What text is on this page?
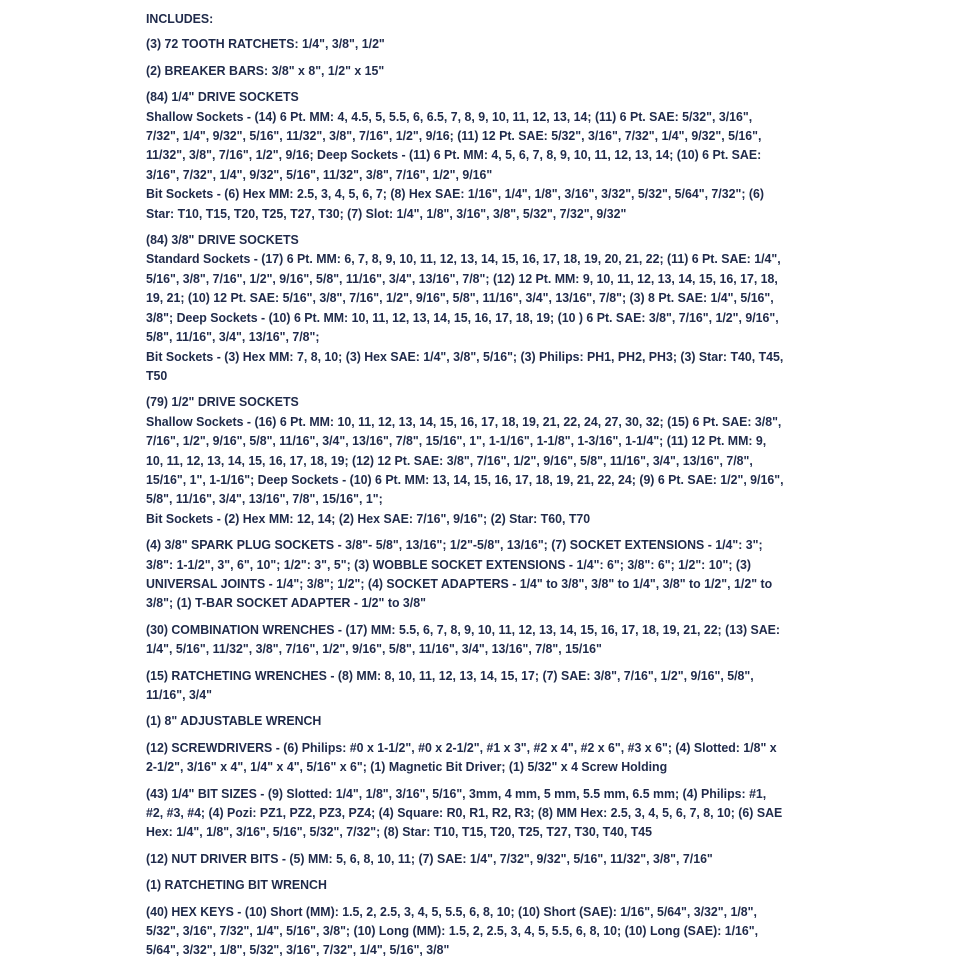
INCLUDES:
(3) 72 TOOTH RATCHETS: 1/4", 3/8", 1/2"
(2) BREAKER BARS: 3/8" x 8", 1/2" x 15"
(84) 1/4" DRIVE SOCKETS
Shallow Sockets - (14) 6 Pt. MM: 4, 4.5, 5, 5.5, 6, 6.5, 7, 8, 9, 10, 11, 12, 13, 14; (11) 6 Pt. SAE: 5/32", 3/16", 7/32", 1/4", 9/32", 5/16", 11/32", 3/8", 7/16", 1/2", 9/16; (11) 12 Pt. SAE: 5/32", 3/16", 7/32", 1/4", 9/32", 5/16", 11/32", 3/8", 7/16", 1/2", 9/16; Deep Sockets - (11) 6 Pt. MM: 4, 5, 6, 7, 8, 9, 10, 11, 12, 13, 14; (10) 6 Pt. SAE: 3/16", 7/32", 1/4", 9/32", 5/16", 11/32", 3/8", 7/16", 1/2", 9/16"
Bit Sockets - (6) Hex MM: 2.5, 3, 4, 5, 6, 7; (8) Hex SAE: 1/16", 1/4", 1/8", 3/16", 3/32", 5/32", 5/64", 7/32"; (6) Star: T10, T15, T20, T25, T27, T30; (7) Slot: 1/4", 1/8", 3/16", 3/8", 5/32", 7/32", 9/32"
(84) 3/8" DRIVE SOCKETS
Standard Sockets - (17) 6 Pt. MM: 6, 7, 8, 9, 10, 11, 12, 13, 14, 15, 16, 17, 18, 19, 20, 21, 22; (11) 6 Pt. SAE: 1/4", 5/16", 3/8", 7/16", 1/2", 9/16", 5/8", 11/16", 3/4", 13/16", 7/8"; (12) 12 Pt. MM: 9, 10, 11, 12, 13, 14, 15, 16, 17, 18, 19, 21; (10) 12 Pt. SAE: 5/16", 3/8", 7/16", 1/2", 9/16", 5/8", 11/16", 3/4", 13/16", 7/8"; (3) 8 Pt. SAE: 1/4", 5/16", 3/8"; Deep Sockets - (10) 6 Pt. MM: 10, 11, 12, 13, 14, 15, 16, 17, 18, 19; (10 ) 6 Pt. SAE: 3/8", 7/16", 1/2", 9/16", 5/8", 11/16", 3/4", 13/16", 7/8";
Bit Sockets - (3) Hex MM: 7, 8, 10; (3) Hex SAE: 1/4", 3/8", 5/16"; (3) Philips: PH1, PH2, PH3; (3) Star: T40, T45, T50
(79) 1/2" DRIVE SOCKETS
Shallow Sockets - (16) 6 Pt. MM: 10, 11, 12, 13, 14, 15, 16, 17, 18, 19, 21, 22, 24, 27, 30, 32; (15) 6 Pt. SAE: 3/8", 7/16", 1/2", 9/16", 5/8", 11/16", 3/4", 13/16", 7/8", 15/16", 1", 1-1/16", 1-1/8", 1-3/16", 1-1/4"; (11) 12 Pt. MM: 9, 10, 11, 12, 13, 14, 15, 16, 17, 18, 19; (12) 12 Pt. SAE: 3/8", 7/16", 1/2", 9/16", 5/8", 11/16", 3/4", 13/16", 7/8", 15/16", 1", 1-1/16"; Deep Sockets - (10) 6 Pt. MM: 13, 14, 15, 16, 17, 18, 19, 21, 22, 24; (9) 6 Pt. SAE: 1/2", 9/16", 5/8", 11/16", 3/4", 13/16", 7/8", 15/16", 1";
Bit Sockets - (2) Hex MM: 12, 14; (2) Hex SAE: 7/16", 9/16"; (2) Star: T60, T70
(4) 3/8" SPARK PLUG SOCKETS - 3/8"- 5/8", 13/16"; 1/2"-5/8", 13/16"; (7) SOCKET EXTENSIONS - 1/4": 3"; 3/8": 1-1/2", 3", 6", 10"; 1/2": 3", 5"; (3) WOBBLE SOCKET EXTENSIONS - 1/4": 6"; 3/8": 6"; 1/2": 10"; (3) UNIVERSAL JOINTS - 1/4"; 3/8"; 1/2"; (4) SOCKET ADAPTERS - 1/4" to 3/8", 3/8" to 1/4", 3/8" to 1/2", 1/2" to 3/8"; (1) T-BAR SOCKET ADAPTER - 1/2" to 3/8"
(30) COMBINATION WRENCHES - (17) MM: 5.5, 6, 7, 8, 9, 10, 11, 12, 13, 14, 15, 16, 17, 18, 19, 21, 22; (13) SAE: 1/4", 5/16", 11/32", 3/8", 7/16", 1/2", 9/16", 5/8", 11/16", 3/4", 13/16", 7/8", 15/16"
(15) RATCHETING WRENCHES - (8) MM: 8, 10, 11, 12, 13, 14, 15, 17; (7) SAE: 3/8", 7/16", 1/2", 9/16", 5/8", 11/16", 3/4"
(1) 8" ADJUSTABLE WRENCH
(12) SCREWDRIVERS - (6) Philips: #0 x 1-1/2", #0 x 2-1/2", #1 x 3", #2 x 4", #2 x 6", #3 x 6"; (4) Slotted: 1/8" x 2-1/2", 3/16" x 4", 1/4" x 4", 5/16" x 6"; (1) Magnetic Bit Driver; (1) 5/32" x 4 Screw Holding
(43) 1/4" BIT SIZES - (9) Slotted: 1/4", 1/8", 3/16", 5/16", 3mm, 4 mm, 5 mm, 5.5 mm, 6.5 mm; (4) Philips: #1, #2, #3, #4; (4) Pozi: PZ1, PZ2, PZ3, PZ4; (4) Square: R0, R1, R2, R3; (8) MM Hex: 2.5, 3, 4, 5, 6, 7, 8, 10; (6) SAE Hex: 1/4", 1/8", 3/16", 5/16", 5/32", 7/32"; (8) Star: T10, T15, T20, T25, T27, T30, T40, T45
(12) NUT DRIVER BITS - (5) MM: 5, 6, 8, 10, 11; (7) SAE: 1/4", 7/32", 9/32", 5/16", 11/32", 3/8", 7/16"
(1) RATCHETING BIT WRENCH
(40) HEX KEYS - (10) Short (MM): 1.5, 2, 2.5, 3, 4, 5, 5.5, 6, 8, 10; (10) Short (SAE): 1/16", 5/64", 3/32", 1/8", 5/32", 3/16", 7/32", 1/4", 5/16", 3/8"; (10) Long (MM): 1.5, 2, 2.5, 3, 4, 5, 5.5, 6, 8, 10; (10) Long (SAE): 1/16", 5/64", 3/32", 1/8", 5/32", 3/16", 7/32", 1/4", 5/16", 3/8"
